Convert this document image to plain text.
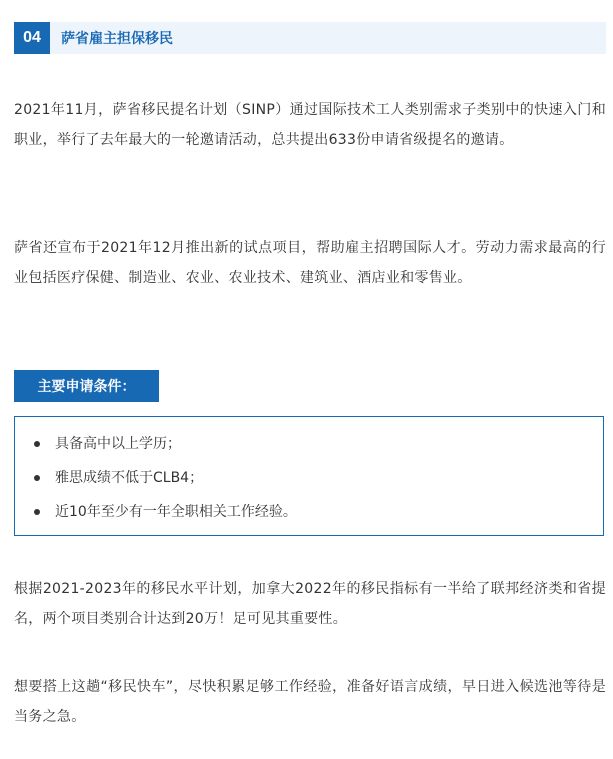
04	萨省雇主担保移民

2021年11月，萨省移民提名计划（SINP）通过国际技术工人类别需求子类别中的快速入门和职业，举行了去年最大的一轮邀请活动，总共提出633份申请省级提名的邀请。

萨省还宣布于2021年12月推出新的试点项目，帮助雇主招聘国际人才。劳动力需求最高的行业包括医疗保健、制造业、农业、农业技术、建筑业、酒店业和零售业。

主要申请条件：
具备高中以上学历；
雅思成绩不低于CLB4；
近10年至少有一年全职相关工作经验。

根据2021-2023年的移民水平计划，加拿大2022年的移民指标有一半给了联邦经济类和省提名，两个项目类别合计达到20万！足可见其重要性。

想要搭上这趟“移民快车”，尽快积累足够工作经验，准备好语言成绩，早日进入候选池等待是当务之急。
